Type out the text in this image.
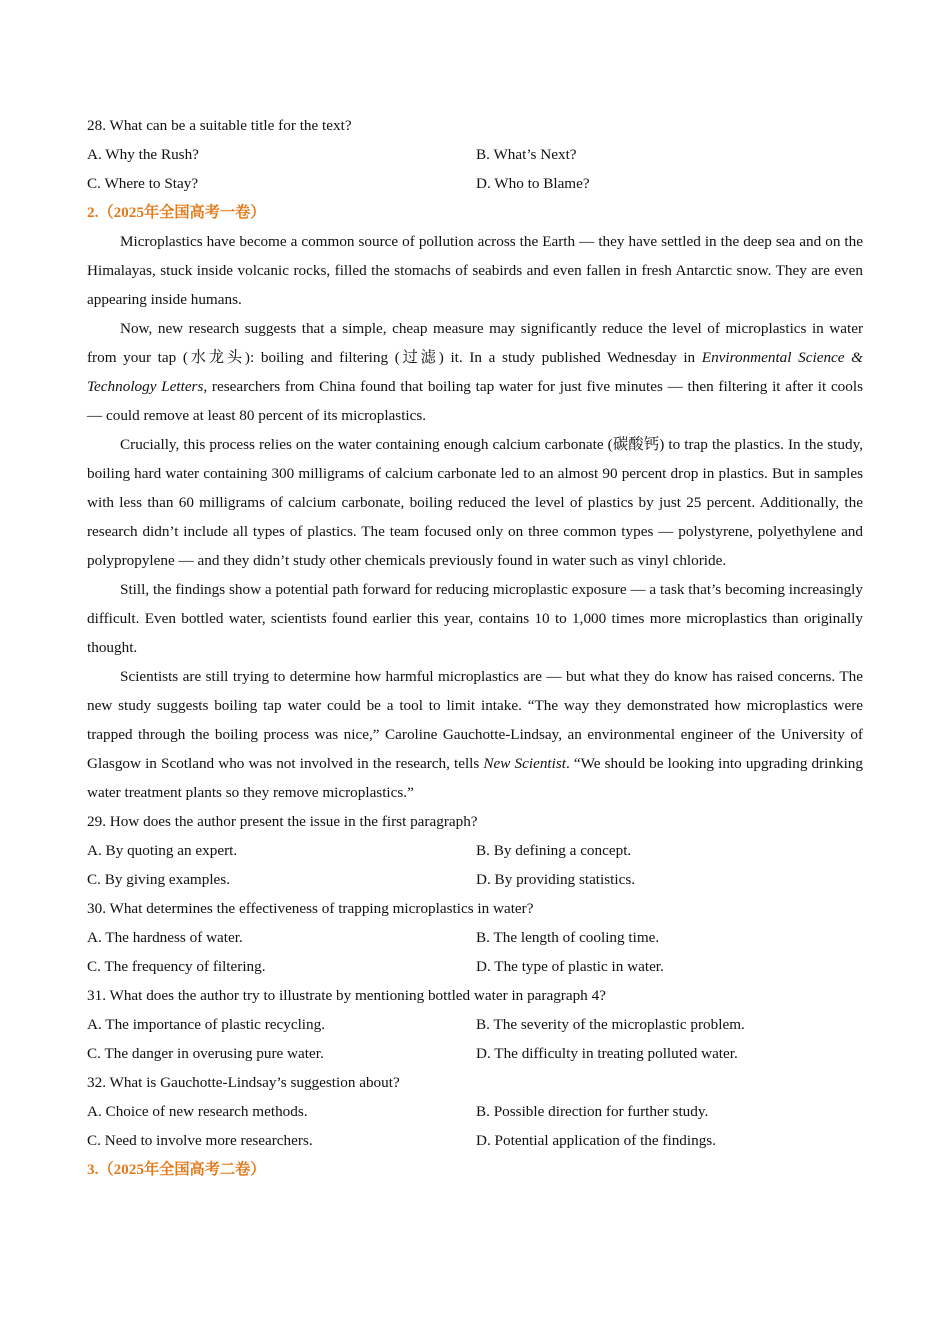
28. What can be a suitable title for the text?

A. Why the Rush?	B. What’s Next?
C. Where to Stay?	D. Who to Blame?

2.（2025年全国高考一卷）

Microplastics have become a common source of pollution across the Earth — they have settled in the deep sea and on the Himalayas, stuck inside volcanic rocks, filled the stomachs of seabirds and even fallen in fresh Antarctic snow. They are even appearing inside humans.

Now, new research suggests that a simple, cheap measure may significantly reduce the level of microplastics in water from your tap (水龙头): boiling and filtering (过滤) it. In a study published Wednesday in Environmental Science & Technology Letters, researchers from China found that boiling tap water for just five minutes — then filtering it after it cools — could remove at least 80 percent of its microplastics.

Crucially, this process relies on the water containing enough calcium carbonate (碳酸钙) to trap the plastics. In the study, boiling hard water containing 300 milligrams of calcium carbonate led to an almost 90 percent drop in plastics. But in samples with less than 60 milligrams of calcium carbonate, boiling reduced the level of plastics by just 25 percent. Additionally, the research didn’t include all types of plastics. The team focused only on three common types — polystyrene, polyethylene and polypropylene — and they didn’t study other chemicals previously found in water such as vinyl chloride.

Still, the findings show a potential path forward for reducing microplastic exposure — a task that’s becoming increasingly difficult. Even bottled water, scientists found earlier this year, contains 10 to 1,000 times more microplastics than originally thought.

Scientists are still trying to determine how harmful microplastics are — but what they do know has raised concerns. The new study suggests boiling tap water could be a tool to limit intake. “The way they demonstrated how microplastics were trapped through the boiling process was nice,” Caroline Gauchotte-Lindsay, an environmental engineer of the University of Glasgow in Scotland who was not involved in the research, tells New Scientist. “We should be looking into upgrading drinking water treatment plants so they remove microplastics.”

29. How does the author present the issue in the first paragraph?

A. By quoting an expert.	B. By defining a concept.
C. By giving examples.	D. By providing statistics.

30. What determines the effectiveness of trapping microplastics in water?

A. The hardness of water.	B. The length of cooling time.
C. The frequency of filtering.	D. The type of plastic in water.

31. What does the author try to illustrate by mentioning bottled water in paragraph 4?

A. The importance of plastic recycling.	B. The severity of the microplastic problem.
C. The danger in overusing pure water.	D. The difficulty in treating polluted water.

32. What is Gauchotte-Lindsay’s suggestion about?

A. Choice of new research methods.	B. Possible direction for further study.
C. Need to involve more researchers.	D. Potential application of the findings.

3.（2025年全国高考二卷）
